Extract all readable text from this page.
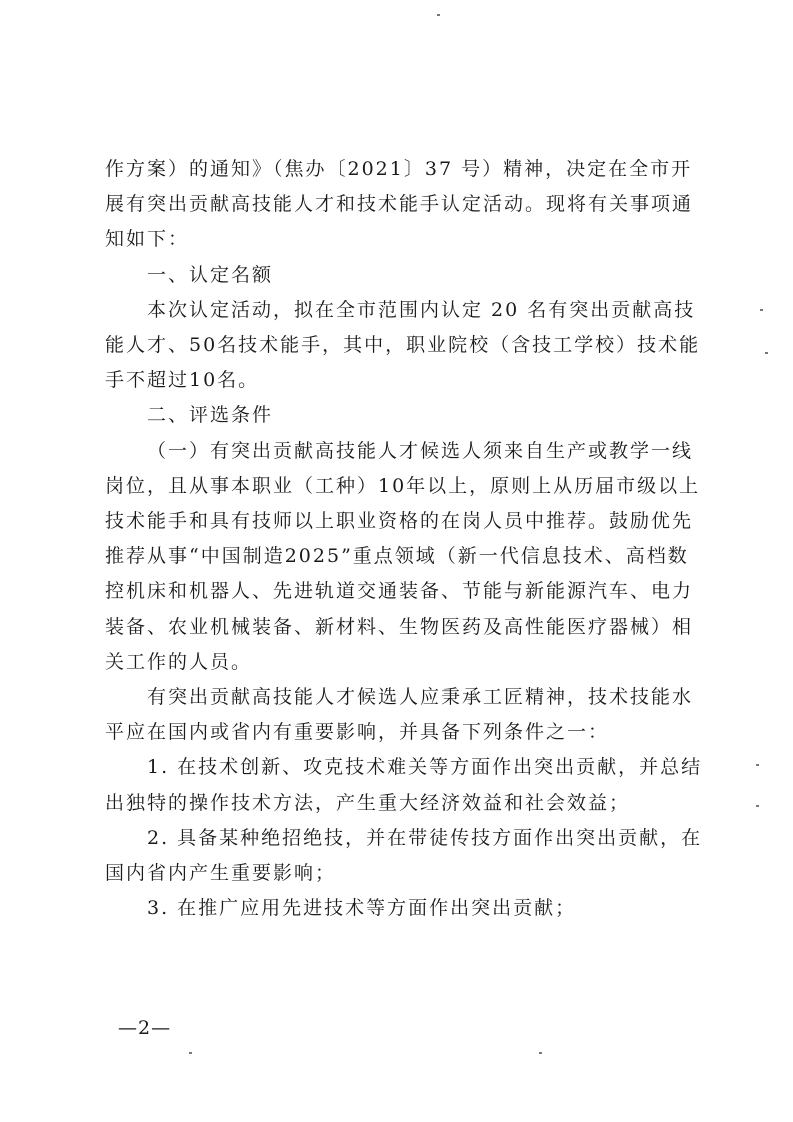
作方案）的通知》（焦办〔2021〕37 号）精神，决定在全市开展有突出贡献高技能人才和技术能手认定活动。现将有关事项通知如下：

一、认定名额

本次认定活动，拟在全市范围内认定 20 名有突出贡献高技能人才、50名技术能手，其中，职业院校（含技工学校）技术能手不超过10名。

二、评选条件

（一）有突出贡献高技能人才候选人须来自生产或教学一线岗位，且从事本职业（工种）10年以上，原则上从历届市级以上技术能手和具有技师以上职业资格的在岗人员中推荐。鼓励优先推荐从事“中国制造2025”重点领域（新一代信息技术、高档数控机床和机器人、先进轨道交通装备、节能与新能源汽车、电力装备、农业机械装备、新材料、生物医药及高性能医疗器械）相关工作的人员。

有突出贡献高技能人才候选人应秉承工匠精神，技术技能水平应在国内或省内有重要影响，并具备下列条件之一：

1. 在技术创新、攻克技术难关等方面作出突出贡献，并总结出独特的操作技术方法，产生重大经济效益和社会效益；

2. 具备某种绝招绝技，并在带徒传技方面作出突出贡献，在国内省内产生重要影响；

3. 在推广应用先进技术等方面作出突出贡献；

—2—
